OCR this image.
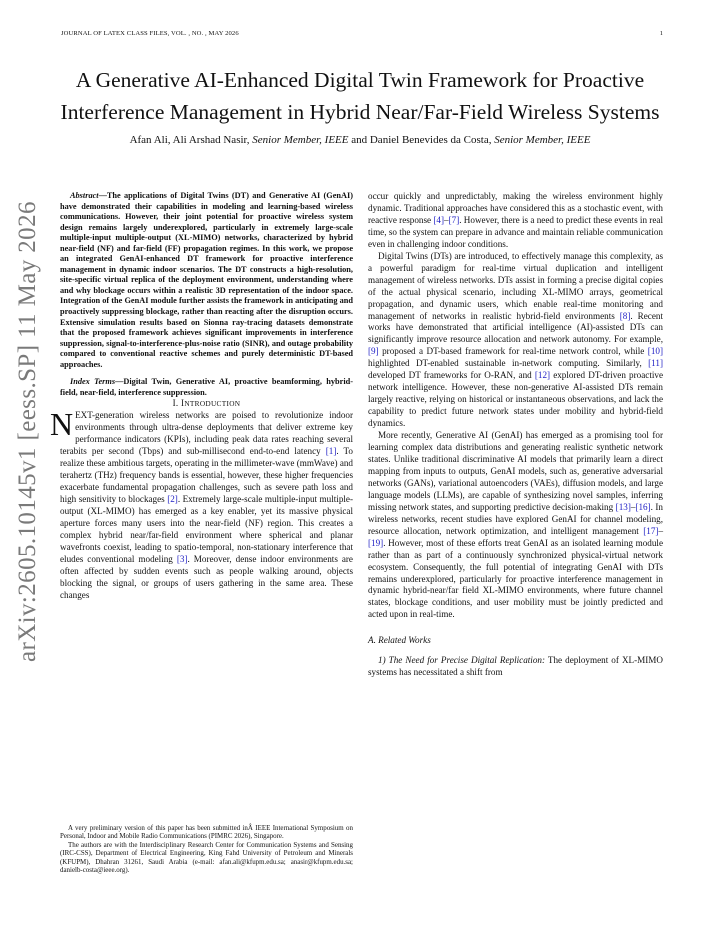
JOURNAL OF LATEX CLASS FILES, VOL. , NO. , MAY 2026	1
arXiv:2605.10145v1 [eess.SP] 11 May 2026
A Generative AI-Enhanced Digital Twin Framework for Proactive
Interference Management in Hybrid Near/Far-Field Wireless Systems
Afan Ali, Ali Arshad Nasir, Senior Member, IEEE and Daniel Benevides da Costa, Senior Member, IEEE

Abstract—The applications of Digital Twins (DT) and Generative AI (GenAI) have demonstrated their capabilities in modeling and learning-based wireless communications. However, their joint potential for proactive wireless system design remains largely underexplored, particularly in extremely large-scale multiple-input multiple-output (XL-MIMO) networks, characterized by hybrid near-field (NF) and far-field (FF) propagation regimes. In this work, we propose an integrated GenAI-enhanced DT framework for proactive interference management in dynamic indoor scenarios. The DT constructs a high-resolution, site-specific virtual replica of the deployment environment, understanding where and why blockage occurs within a realistic 3D representation of the indoor space. Integration of the GenAI module further assists the framework in anticipating and proactively suppressing blockage, rather than reacting after the disruption occurs. Extensive simulation results based on Sionna ray-tracing datasets demonstrate that the proposed framework achieves significant improvements in interference suppression, signal-to-interference-plus-noise ratio (SINR), and outage probability compared to conventional reactive schemes and purely deterministic DT-based approaches.

Index Terms—Digital Twin, Generative AI, proactive beamforming, hybrid-field, near-field, interference suppression.

I. INTRODUCTION

NEXT-generation wireless networks are poised to revolutionize indoor environments through ultra-dense deployments that deliver extreme key performance indicators (KPIs), including peak data rates reaching several terabits per second (Tbps) and sub-millisecond end-to-end latency [1]. To realize these ambitious targets, operating in the millimeter-wave (mmWave) and terahertz (THz) frequency bands is essential, however, these higher frequencies exacerbate fundamental propagation challenges, such as severe path loss and high sensitivity to blockages [2]. Extremely large-scale multiple-input multiple-output (XL-MIMO) has emerged as a key enabler, yet its massive physical aperture forces many users into the near-field (NF) region. This creates a complex hybrid near/far-field environment where spherical and planar wavefronts coexist, leading to spatio-temporal, non-stationary interference that eludes conventional modeling [3]. Moreover, dense indoor environments are often affected by sudden events such as people walking around, objects blocking the signal, or groups of users gathering in the same area. These changes

A very preliminary version of this paper has been submitted inÂ IEEE International Symposium on Personal, Indoor and Mobile Radio Communications (PIMRC 2026), Singapore.

The authors are with the Interdisciplinary Research Center for Communication Systems and Sensing (IRC-CSS), Department of Electrical Engineering, King Fahd University of Petroleum and Minerals (KFUPM), Dhahran 31261, Saudi Arabia (e-mail: afan.ali@kfupm.edu.sa; anasir@kfupm.edu.sa; danielb-costa@ieee.org).

occur quickly and unpredictably, making the wireless environment highly dynamic. Traditional approaches have considered this as a stochastic event, with reactive response [4]–[7]. However, there is a need to predict these events in real time, so the system can prepare in advance and maintain reliable communication even in challenging indoor conditions.

Digital Twins (DTs) are introduced, to effectively manage this complexity, as a powerful paradigm for real-time virtual duplication and intelligent management of wireless networks. DTs assist in forming a precise digital copies of the actual physical scenario, including XL-MIMO arrays, geometrical propagation, and dynamic users, which enable real-time monitoring and management of networks in realistic hybrid-field environments [8]. Recent works have demonstrated that artificial intelligence (AI)-assisted DTs can significantly improve resource allocation and network autonomy. For example, [9] proposed a DT-based framework for real-time network control, while [10] highlighted DT-enabled sustainable in-network computing. Similarly, [11] developed DT frameworks for O-RAN, and [12] explored DT-driven proactive network intelligence. However, these non-generative AI-assisted DTs remain largely reactive, relying on historical or instantaneous observations, and lack the capability to predict future network states under mobility and hybrid-field dynamics.

More recently, Generative AI (GenAI) has emerged as a promising tool for learning complex data distributions and generating realistic synthetic network states. Unlike traditional discriminative AI models that primarily learn a direct mapping from inputs to outputs, GenAI models, such as, generative adversarial networks (GANs), variational autoencoders (VAEs), diffusion models, and large language models (LLMs), are capable of synthesizing novel samples, inferring missing network states, and supporting predictive decision-making [13]–[16]. In wireless networks, recent studies have explored GenAI for channel modeling, resource allocation, network optimization, and intelligent management [17]–[19]. However, most of these efforts treat GenAI as an isolated learning module rather than as part of a continuously synchronized physical-virtual network ecosystem. Consequently, the full potential of integrating GenAI with DTs remains underexplored, particularly for proactive interference management in dynamic hybrid-near/far field XL-MIMO environments, where future channel states, blockage conditions, and user mobility must be jointly predicted and acted upon in real-time.

A. Related Works

1) The Need for Precise Digital Replication: The deployment of XL-MIMO systems has necessitated a shift from
